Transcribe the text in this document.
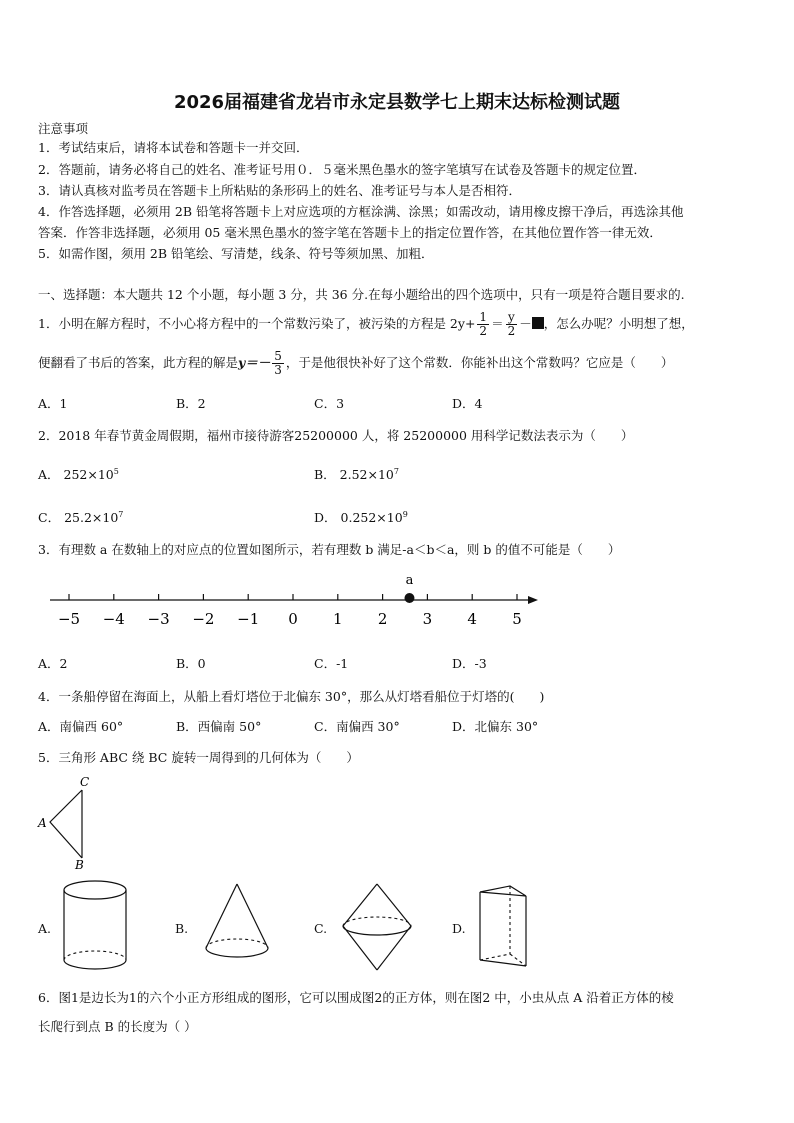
2026届福建省龙岩市永定县数学七上期末达标检测试题
注意事项
1．考试结束后，请将本试卷和答题卡一并交回．
2．答题前，请务必将自己的姓名、准考证号用０．５毫米黑色墨水的签字笔填写在试卷及答题卡的规定位置．
3．请认真核对监考员在答题卡上所粘贴的条形码上的姓名、准考证号与本人是否相符．
4．作答选择题，必须用 2B 铅笔将答题卡上对应选项的方框涂满、涂黑；如需改动，请用橡皮擦干净后，再选涂其他
答案．作答非选择题，必须用 05 毫米黑色墨水的签字笔在答题卡上的指定位置作答，在其他位置作答一律无效．
5．如需作图，须用 2B 铅笔绘、写清楚，线条、符号等须加黑、加粗．
一、选择题：本大题共 12 个小题，每小题 3 分，共 36 分.在每小题给出的四个选项中，只有一项是符合题目要求的.
1．小明在解方程时，不小心将方程中的一个常数污染了，被污染的方程是 $2y+ \frac{1}{2} = \frac{y}{2}$ － ，怎么办呢？小明想了想，
便翻看了书后的答案，此方程的解是$y=- \frac{5}{3}$ ，于是他很快补好了这个常数．你能补出这个常数吗？它应是（　　）
A．1	B．2	C．3	D．4
2．2018 年春节黄金周假期，福州市接待游客25200000 人，将 25200000 用科学记数法表示为（　　）
A． $252\times 10^5$	B． $2.52\times 10^7$
C． $25.2\times 10^7$	D． $0.252\times 10^9$
3．有理数 a 在数轴上的对应点的位置如图所示，若有理数 b 满足-a＜b＜a，则 b 的值不可能是（　　）
−5 −4 −3 −2 −1 0 1 2 3 4 5
a
A．2	B．0	C．-1	D．-3
4．一条船停留在海面上，从船上看灯塔位于北偏东 30°，那么从灯塔看船位于灯塔的(　　)
A．南偏西 60°	B．西偏南 50°	C．南偏西 30°	D．北偏东 30°
5．三角形 ABC 绕 BC 旋转一周得到的几何体为（　　）
C
A
B
A.	B.	C.	D.
6．图1是边长为1的六个小正方形组成的图形，它可以围成图2的正方体，则在图2 中，小虫从点 A 沿着正方体的棱
长爬行到点 B 的长度为（ ）
